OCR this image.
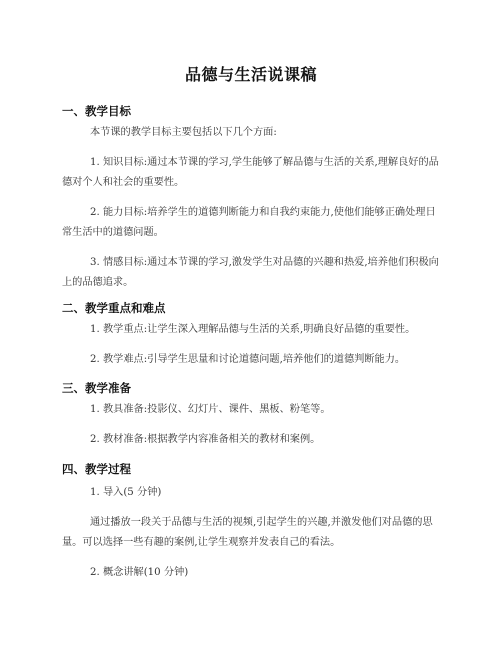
品德与生活说课稿
一、教学目标
本节课的教学目标主要包括以下几个方面:
1. 知识目标:通过本节课的学习,学生能够了解品德与生活的关系,理解良好的品德对个人和社会的重要性。
2. 能力目标:培养学生的道德判断能力和自我约束能力,使他们能够正确处理日常生活中的道德问题。
3. 情感目标:通过本节课的学习,激发学生对品德的兴趣和热爱,培养他们积极向上的品德追求。
二、教学重点和难点
1. 教学重点:让学生深入理解品德与生活的关系,明确良好品德的重要性。
2. 教学难点:引导学生思量和讨论道德问题,培养他们的道德判断能力。
三、教学准备
1. 教具准备:投影仪、幻灯片、课件、黑板、粉笔等。
2. 教材准备:根据教学内容准备相关的教材和案例。
四、教学过程
1. 导入(5 分钟)
通过播放一段关于品德与生活的视频,引起学生的兴趣,并激发他们对品德的思量。可以选择一些有趣的案例,让学生观察并发表自己的看法。
2. 概念讲解(10 分钟)
